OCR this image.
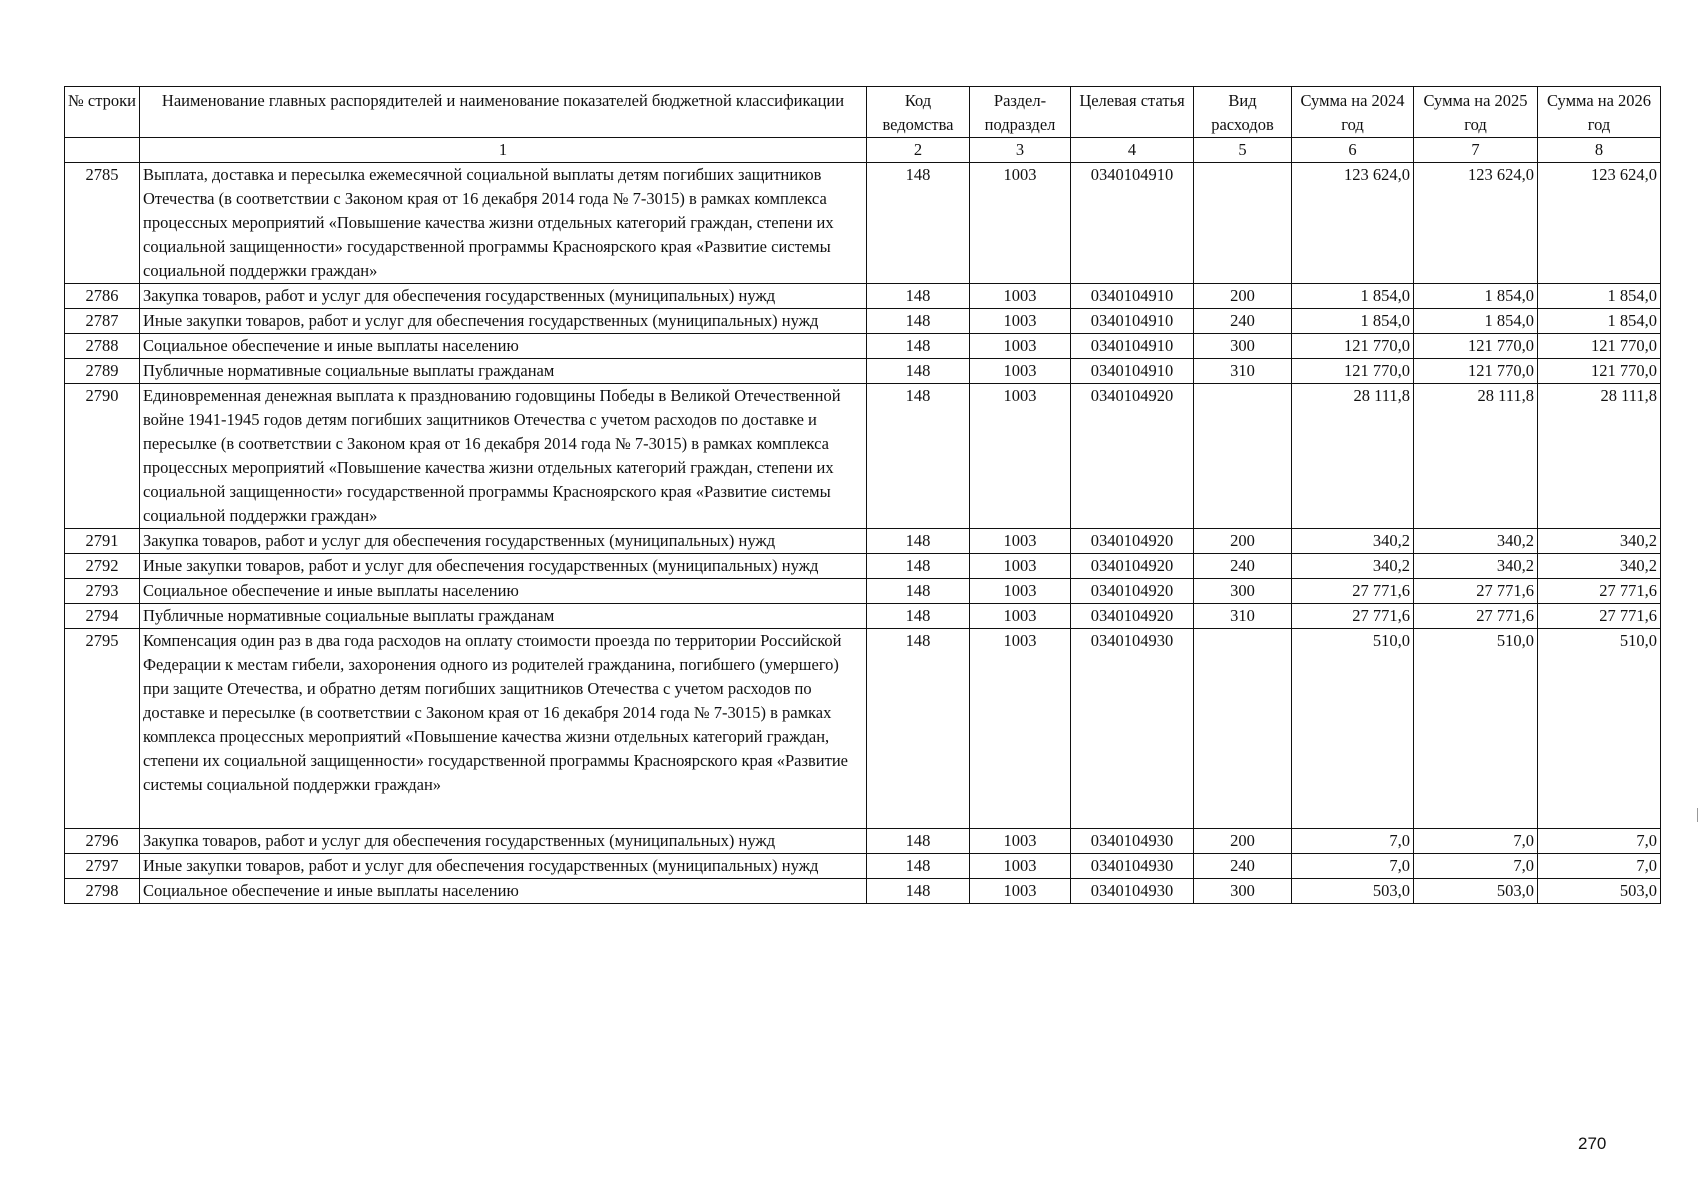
№ строки	Наименование главных распорядителей и наименование показателей бюджетной классификации	Код ведомства	Раздел-подраздел	Целевая статья	Вид расходов	Сумма на 2024 год	Сумма на 2025 год	Сумма на 2026 год
	1	2	3	4	5	6	7	8
2785	Выплата, доставка и пересылка ежемесячной социальной выплаты детям погибших защитников Отечества (в соответствии с Законом края от 16 декабря 2014 года № 7-3015) в рамках комплекса процессных мероприятий «Повышение качества жизни отдельных категорий граждан, степени их социальной защищенности» государственной программы Красноярского края «Развитие системы социальной поддержки граждан»	148	1003	0340104910		123 624,0	123 624,0	123 624,0
2786	Закупка товаров, работ и услуг для обеспечения государственных (муниципальных) нужд	148	1003	0340104910	200	1 854,0	1 854,0	1 854,0
2787	Иные закупки товаров, работ и услуг для обеспечения государственных (муниципальных) нужд	148	1003	0340104910	240	1 854,0	1 854,0	1 854,0
2788	Социальное обеспечение и иные выплаты населению	148	1003	0340104910	300	121 770,0	121 770,0	121 770,0
2789	Публичные нормативные социальные выплаты гражданам	148	1003	0340104910	310	121 770,0	121 770,0	121 770,0
2790	Единовременная денежная выплата к празднованию годовщины Победы в Великой Отечественной войне 1941-1945 годов детям погибших защитников Отечества с учетом расходов по доставке и пересылке (в соответствии с Законом края от 16 декабря 2014 года № 7-3015) в рамках комплекса процессных мероприятий «Повышение качества жизни отдельных категорий граждан, степени их социальной защищенности» государственной программы Красноярского края «Развитие системы социальной поддержки граждан»	148	1003	0340104920		28 111,8	28 111,8	28 111,8
2791	Закупка товаров, работ и услуг для обеспечения государственных (муниципальных) нужд	148	1003	0340104920	200	340,2	340,2	340,2
2792	Иные закупки товаров, работ и услуг для обеспечения государственных (муниципальных) нужд	148	1003	0340104920	240	340,2	340,2	340,2
2793	Социальное обеспечение и иные выплаты населению	148	1003	0340104920	300	27 771,6	27 771,6	27 771,6
2794	Публичные нормативные социальные выплаты гражданам	148	1003	0340104920	310	27 771,6	27 771,6	27 771,6
2795	Компенсация один раз в два года расходов на оплату стоимости проезда по территории Российской Федерации к местам гибели, захоронения одного из родителей гражданина, погибшего (умершего) при защите Отечества, и обратно детям погибших защитников Отечества с учетом расходов по доставке и пересылке (в соответствии с Законом края от 16 декабря 2014 года № 7-3015) в рамках комплекса процессных мероприятий «Повышение качества жизни отдельных категорий граждан, степени их социальной защищенности» государственной программы Красноярского края «Развитие системы социальной поддержки граждан»	148	1003	0340104930		510,0	510,0	510,0
2796	Закупка товаров, работ и услуг для обеспечения государственных (муниципальных) нужд	148	1003	0340104930	200	7,0	7,0	7,0
2797	Иные закупки товаров, работ и услуг для обеспечения государственных (муниципальных) нужд	148	1003	0340104930	240	7,0	7,0	7,0
2798	Социальное обеспечение и иные выплаты населению	148	1003	0340104930	300	503,0	503,0	503,0
270
